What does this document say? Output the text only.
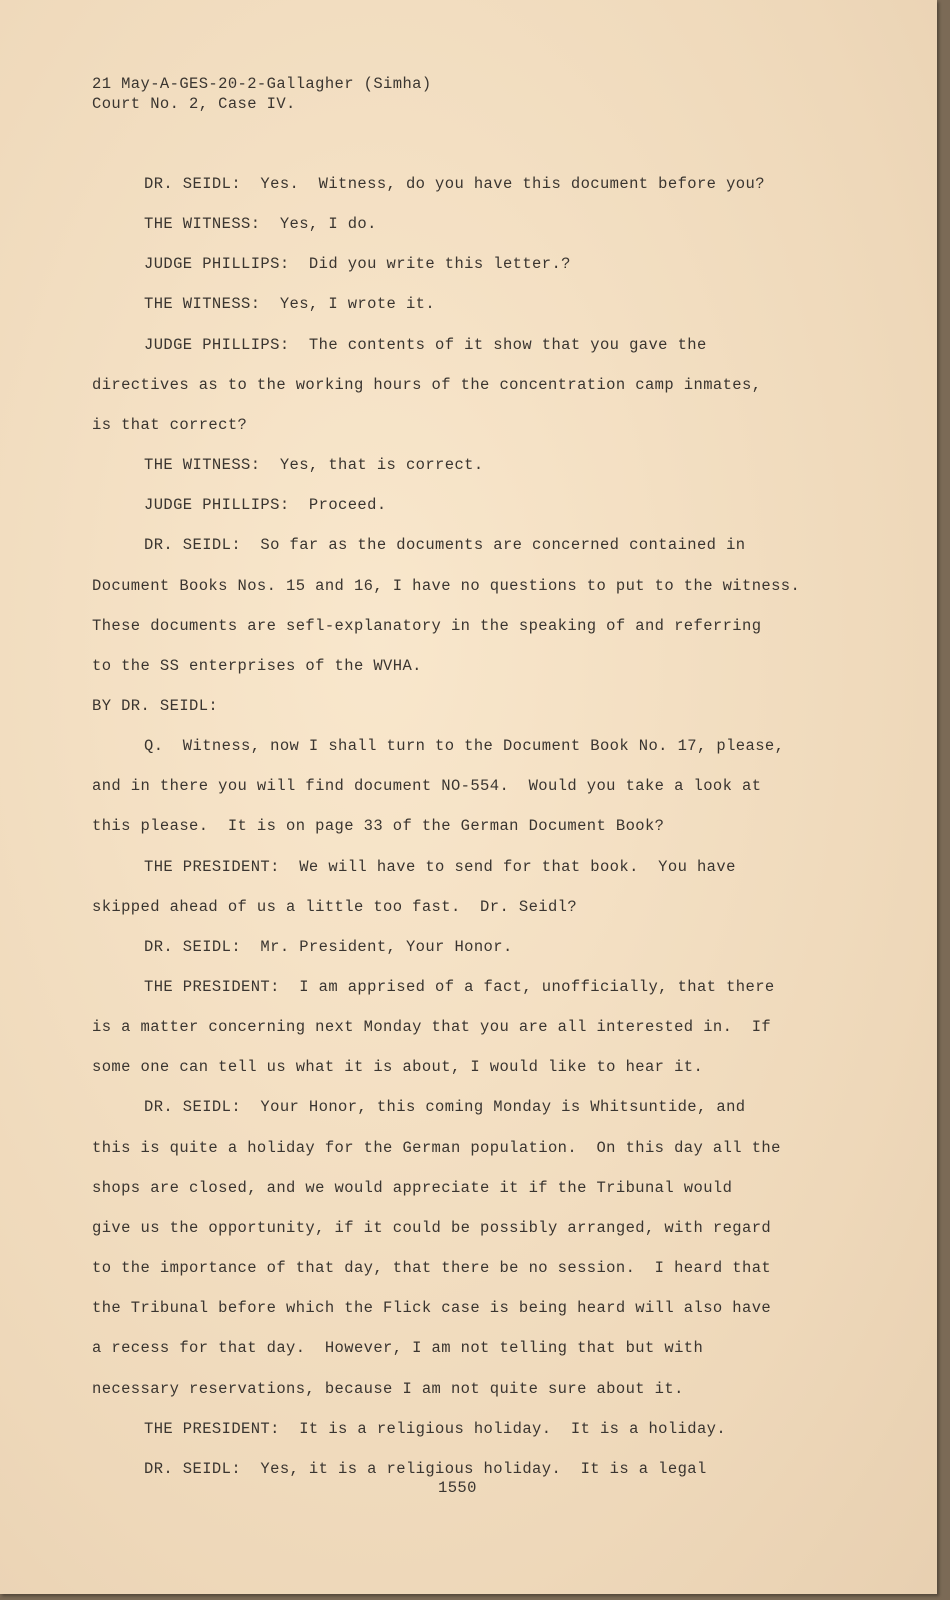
21 May-A-GES-20-2-Gallagher (Simha)
Court No. 2, Case IV.
DR. SEIDL:  Yes.  Witness, do you have this document before you?
THE WITNESS:  Yes, I do.
JUDGE PHILLIPS:  Did you write this letter.?
THE WITNESS:  Yes, I wrote it.
JUDGE PHILLIPS:  The contents of it show that you gave the
directives as to the working hours of the concentration camp inmates,
is that correct?
THE WITNESS:  Yes, that is correct.
JUDGE PHILLIPS:  Proceed.
DR. SEIDL:  So far as the documents are concerned contained in
Document Books Nos. 15 and 16, I have no questions to put to the witness.
These documents are sefl-explanatory in the speaking of and referring
to the SS enterprises of the WVHA.
BY DR. SEIDL:
Q.  Witness, now I shall turn to the Document Book No. 17, please,
and in there you will find document NO-554.  Would you take a look at
this please.  It is on page 33 of the German Document Book?
THE PRESIDENT:  We will have to send for that book.  You have
skipped ahead of us a little too fast.  Dr. Seidl?
DR. SEIDL:  Mr. President, Your Honor.
THE PRESIDENT:  I am apprised of a fact, unofficially, that there
is a matter concerning next Monday that you are all interested in.  If
some one can tell us what it is about, I would like to hear it.
DR. SEIDL:  Your Honor, this coming Monday is Whitsuntide, and
this is quite a holiday for the German population.  On this day all the
shops are closed, and we would appreciate it if the Tribunal would
give us the opportunity, if it could be possibly arranged, with regard
to the importance of that day, that there be no session.  I heard that
the Tribunal before which the Flick case is being heard will also have
a recess for that day.  However, I am not telling that but with
necessary reservations, because I am not quite sure about it.
THE PRESIDENT:  It is a religious holiday.  It is a holiday.
DR. SEIDL:  Yes, it is a religious holiday.  It is a legal
1550
